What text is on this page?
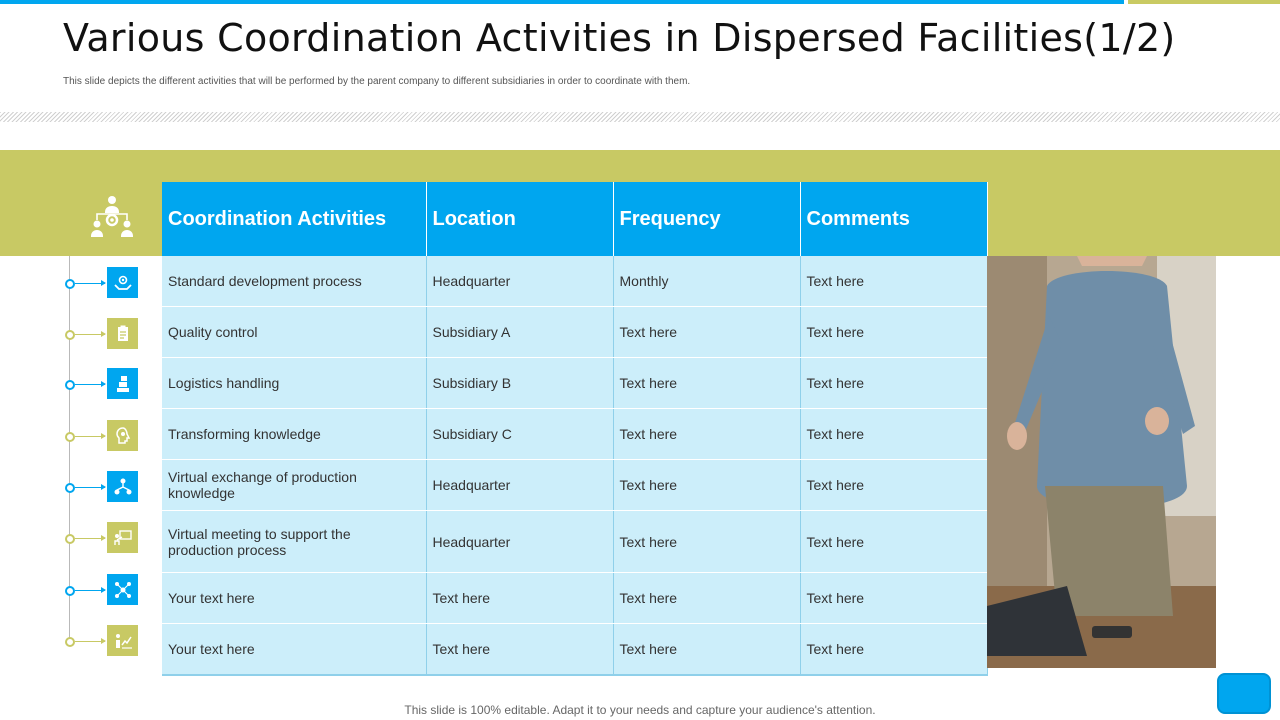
Various Coordination Activities in Dispersed Facilities(1/2)

This slide depicts the different activities that will be performed by the parent company to different subsidiaries in order to coordinate with them.

Coordination Activities	Location	Frequency	Comments
Standard development process	Headquarter	Monthly	Text here
Quality control	Subsidiary A	Text here	Text here
Logistics handling	Subsidiary B	Text here	Text here
Transforming knowledge	Subsidiary C	Text here	Text here
Virtual exchange of production knowledge	Headquarter	Text here	Text here
Virtual meeting to support the production process	Headquarter	Text here	Text here
Your text here	Text here	Text here	Text here
Your text here	Text here	Text here	Text here
This slide is 100% editable. Adapt it to your needs and capture your audience's attention.
